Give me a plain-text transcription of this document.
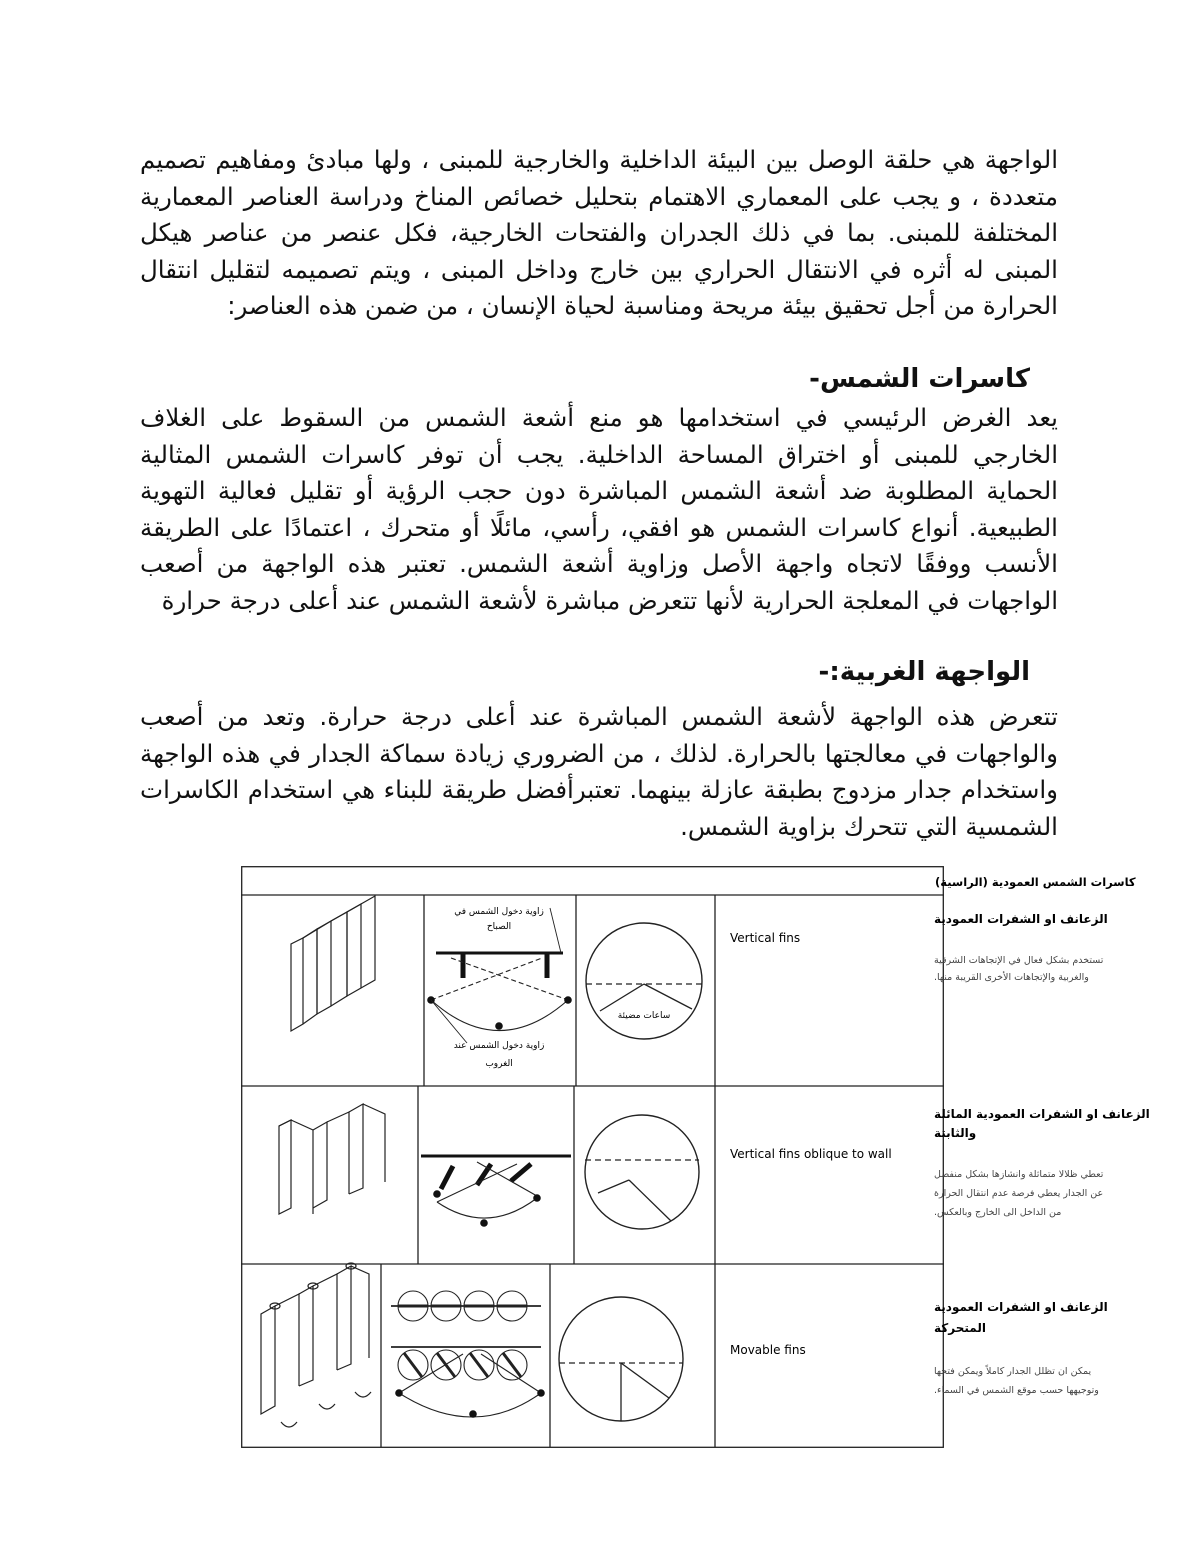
الواجهة هي حلقة الوصل بين البيئة الداخلية والخارجية للمبنى ، ولها مبادئ ومفاهيم تصميم متعددة ، و يجب على المعماري الاهتمام بتحليل خصائص المناخ ودراسة العناصر المعمارية المختلفة للمبنى. بما في ذلك الجدران والفتحات الخارجية، فكل عنصر من عناصر هيكل المبنى له أثره في الانتقال الحراري بين خارج وداخل المبنى ، ويتم تصميمه لتقليل انتقال الحرارة من أجل تحقيق بيئة مريحة ومناسبة لحياة الإنسان ، من ضمن هذه العناصر:

كاسرات الشمس-

يعد الغرض الرئيسي في استخدامها هو منع أشعة الشمس من السقوط على الغلاف الخارجي للمبنى أو اختراق المساحة الداخلية. يجب أن توفر كاسرات الشمس المثالية الحماية المطلوبة ضد أشعة الشمس المباشرة دون حجب الرؤية أو تقليل فعالية التهوية الطبيعية. أنواع كاسرات الشمس هو افقي، رأسي، مائلًا أو متحرك ، اعتمادًا على الطريقة الأنسب ووفقًا لاتجاه واجهة الأصل وزاوية أشعة الشمس. تعتبر هذه الواجهة من أصعب الواجهات في المعلجة الحرارية لأنها تتعرض مباشرة لأشعة الشمس عند أعلى درجة حرارة

الواجهة الغربية:-

تتعرض هذه الواجهة لأشعة الشمس المباشرة عند أعلى درجة حرارة. وتعد من أصعب والواجهات في معالجتها بالحرارة. لذلك ، من الضروري زيادة سماكة الجدار في هذه الواجهة واستخدام جدار مزدوج بطبقة عازلة بينهما. تعتبرأفضل طريقة للبناء هي استخدام الكاسرات الشمسية التي تتحرك بزاوية الشمس.

كاسرات الشمس العمودية (الراسية)
الزعانف او الشفرات العمودية
Vertical fins
تستخدم بشكل فعال في الإتجاهات الشرقية
والغربية والإتجاهات الأخرى القريبة منها.
ساعات مضيئة
زاوية دخول الشمس في
الصباح
زاوية دخول الشمس عند
الغروب
الزعانف او الشفرات العمودية المائلة
والثابتة
Vertical fins oblique to wall
تعطي ظلالا متماثلة وانشازها بشكل منفصل
عن الجدار يعطي فرصة عدم انتقال الحرارة
من الداخل الى الخارج وبالعكس.
الزعانف او الشفرات العمودية
المتحركة
Movable fins
يمكن ان تظلل الجدار كاملاً ويمكن فتحها
وتوجيهها حسب موقع الشمس في السماء.
